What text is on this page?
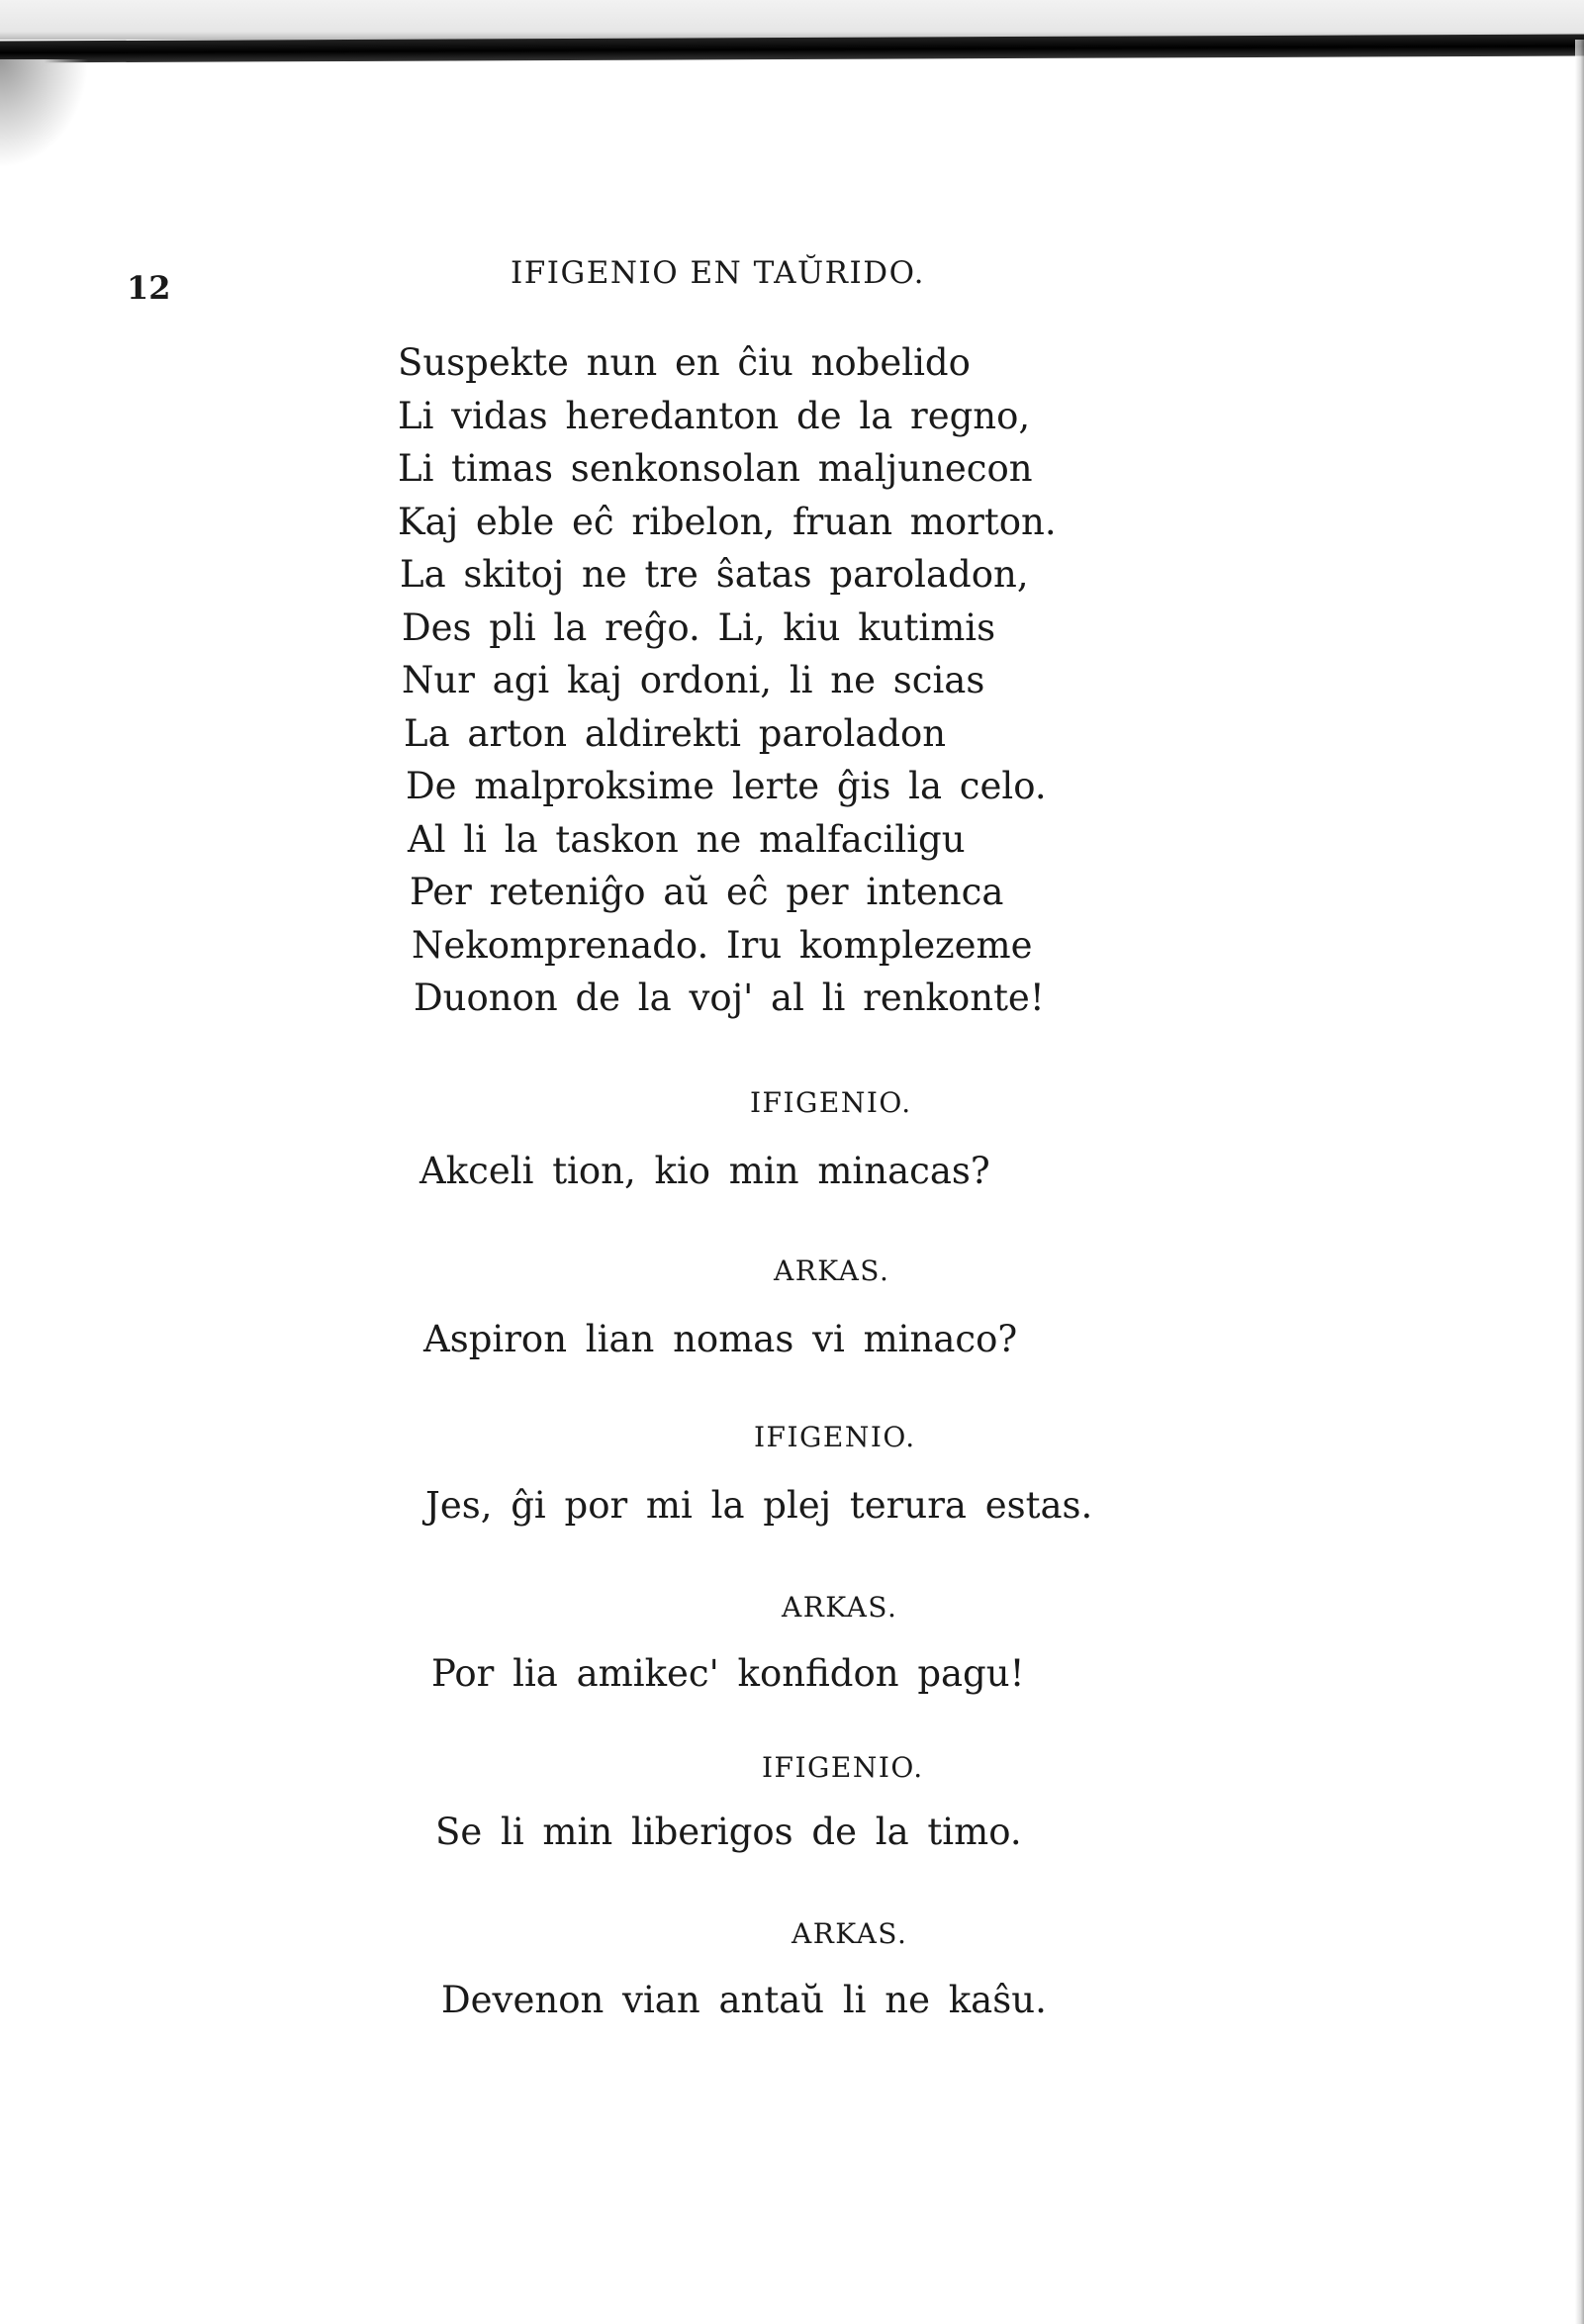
12	IFIGENIO EN TAŬRIDO.
Suspekte nun en ĉiu nobelido
Li vidas heredanton de la regno,
Li timas senkonsolan maljunecon
Kaj eble eĉ ribelon, fruan morton.
La skitoj ne tre ŝatas paroladon,
Des pli la reĝo. Li, kiu kutimis
Nur agi kaj ordoni, li ne scias
La arton aldirekti paroladon
De malproksime lerte ĝis la celo.
Al li la taskon ne malfaciligu
Per reteniĝo aŭ eĉ per intenca
Nekomprenado. Iru komplezeme
Duonon de la voj' al li renkonte!
IFIGENIO.
Akceli tion, kio min minacas?
ARKAS.
Aspiron lian nomas vi minaco?
IFIGENIO.
Jes, ĝi por mi la plej terura estas.
ARKAS.
Por lia amikec' konfidon pagu!
IFIGENIO.
Se li min liberigos de la timo.
ARKAS.
Devenon vian antaŭ li ne kaŝu.
